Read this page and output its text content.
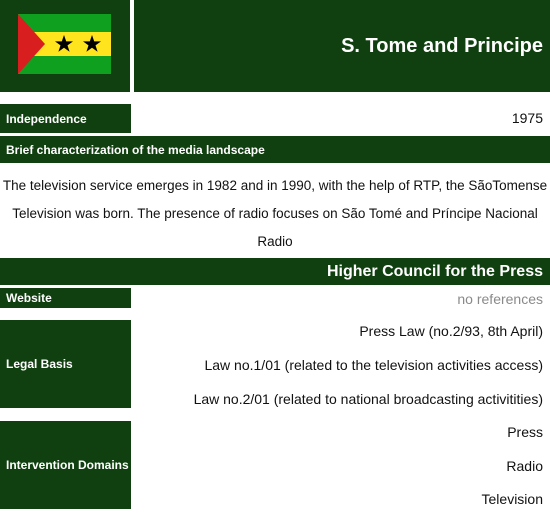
S. Tome and Principe
Independence	1975
Brief characterization of the media landscape
The television service emerges in 1982 and in 1990, with the help of RTP, the SãoTomense
Television was born. The presence of radio focuses on São Tomé and Príncipe Nacional Radio
Higher Council for the Press
Website	no references
Legal Basis
Press Law (no.2/93, 8th April)
Law no.1/01 (related to the television activities access)
Law no.2/01 (related to national broadcasting activitities)
Intervention Domains
Press
Radio
Television
